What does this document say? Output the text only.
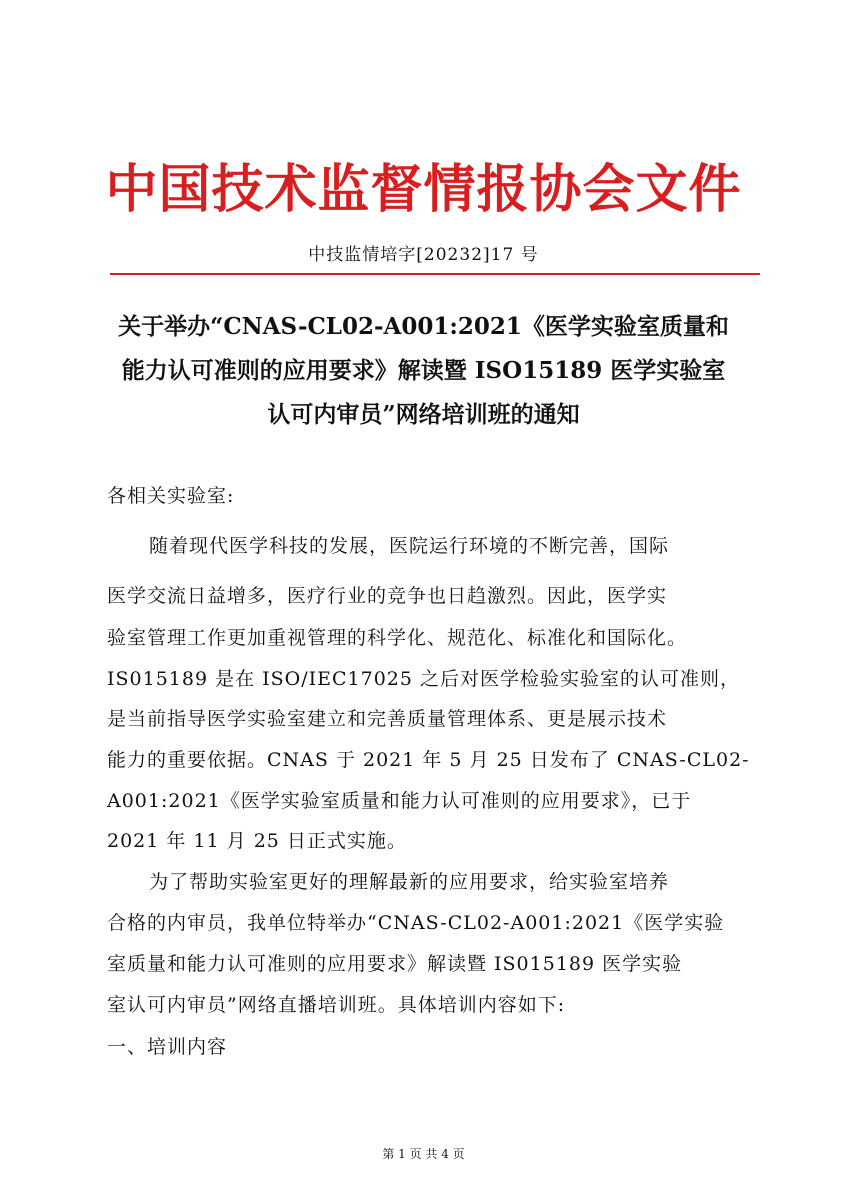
中国技术监督情报协会文件
中技监情培字[20232]17 号
关于举办“CNAS-CL02-A001:2021《医学实验室质量和
能力认可准则的应用要求》解读暨 ISO15189 医学实验室
认可内审员”网络培训班的通知
各相关实验室:
随着现代医学科技的发展，医院运行环境的不断完善，国际
医学交流日益增多，医疗行业的竞争也日趋激烈。因此，医学实
验室管理工作更加重视管理的科学化、规范化、标准化和国际化。
IS015189 是在 ISO/IEC17025 之后对医学检验实验室的认可准则，
是当前指导医学实验室建立和完善质量管理体系、更是展示技术
能力的重要依据。CNAS 于 2021 年 5 月 25 日发布了 CNAS-CL02-
A001:2021《医学实验室质量和能力认可准则的应用要求》，已于
2021 年 11 月 25 日正式实施。
为了帮助实验室更好的理解最新的应用要求，给实验室培养
合格的内审员，我单位特举办“CNAS-CL02-A001:2021《医学实验
室质量和能力认可准则的应用要求》解读暨 IS015189 医学实验
室认可内审员”网络直播培训班。具体培训内容如下:
一、培训内容
第 1 页 共 4 页
